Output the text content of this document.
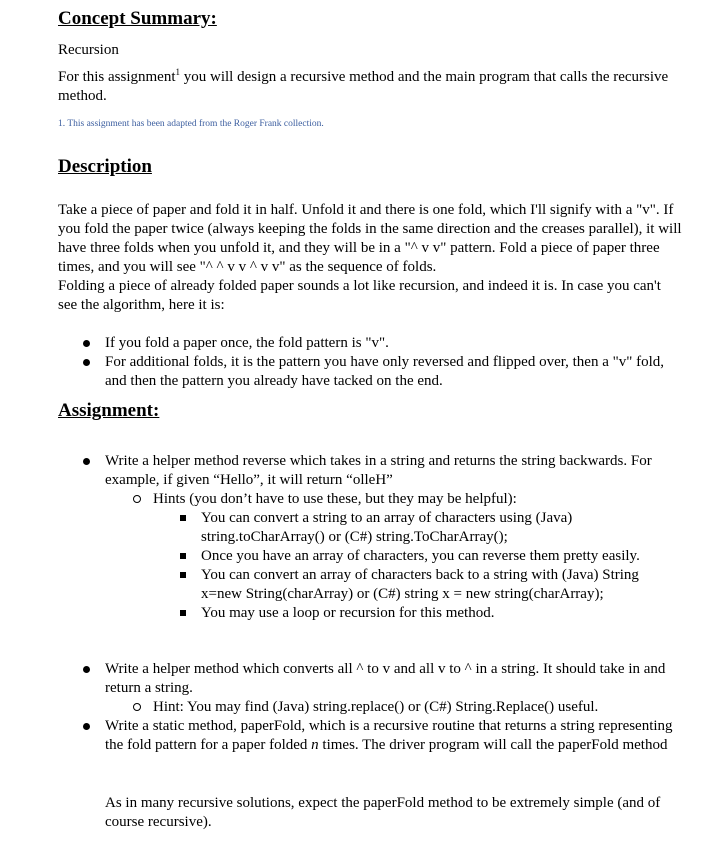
Concept Summary:

Recursion

For this assignment$^1$ you will design a recursive method and the main program that calls the recursive method.

1. This assignment has been adapted from the Roger Frank collection.

Description

Take a piece of paper and fold it in half. Unfold it and there is one fold, which I'll signify with a "v". If you fold the paper twice (always keeping the folds in the same direction and the creases parallel), it will have three folds when you unfold it, and they will be in a "^ v v" pattern. Fold a piece of paper three times, and you will see "^ ^ v v ^ v v" as the sequence of folds.

Folding a piece of already folded paper sounds a lot like recursion, and indeed it is. In case you can't see the algorithm, here it is:

If you fold a paper once, the fold pattern is "v".

For additional folds, it is the pattern you have only reversed and flipped over, then a "v" fold, and then the pattern you already have tacked on the end.

Assignment:

Write a helper method reverse which takes in a string and returns the string backwards. For example, if given “Hello”, it will return “olleH”

Hints (you don’t have to use these, but they may be helpful):

You can convert a string to an array of characters using (Java) string.toCharArray() or (C#) string.ToCharArray();

Once you have an array of characters, you can reverse them pretty easily.

You can convert an array of characters back to a string with (Java) String x=new String(charArray) or (C#) string x = new string(charArray);

You may use a loop or recursion for this method.

Write a helper method which converts all ^ to v and all v to ^ in a string. It should take in and return a string.

Hint: You may find (Java) string.replace() or (C#) String.Replace() useful.

Write a static method, paperFold, which is a recursive routine that returns a string representing the fold pattern for a paper folded n times. The driver program will call the paperFold method

As in many recursive solutions, expect the paperFold method to be extremely simple (and of course recursive).
